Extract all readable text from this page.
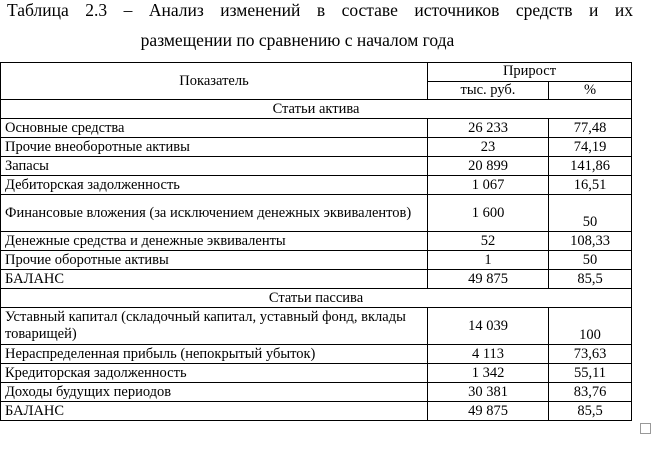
Таблица 2.3 – Анализ изменений в составе источников средств и их
размещении по сравнению с началом года
Показатель	Прирост	
	тыс. руб.	%
Статьи актива		
Основные средства	26 233	77,48
Прочие внеоборотные активы	23	74,19
Запасы	20 899	141,86
Дебиторская задолженность	1 067	16,51
Финансовые вложения (за исключением денежных эквивалентов)	1 600	50
Денежные средства и денежные эквиваленты	52	108,33
Прочие оборотные активы	1	50
БАЛАНС	49 875	85,5
Статьи пассива		
Уставный капитал (складочный капитал, уставный фонд, вклады товарищей)	14 039	100
Нераспределенная прибыль (непокрытый убыток)	4 113	73,63
Кредиторская задолженность	1 342	55,11
Доходы будущих периодов	30 381	83,76
БАЛАНС	49 875	85,5
